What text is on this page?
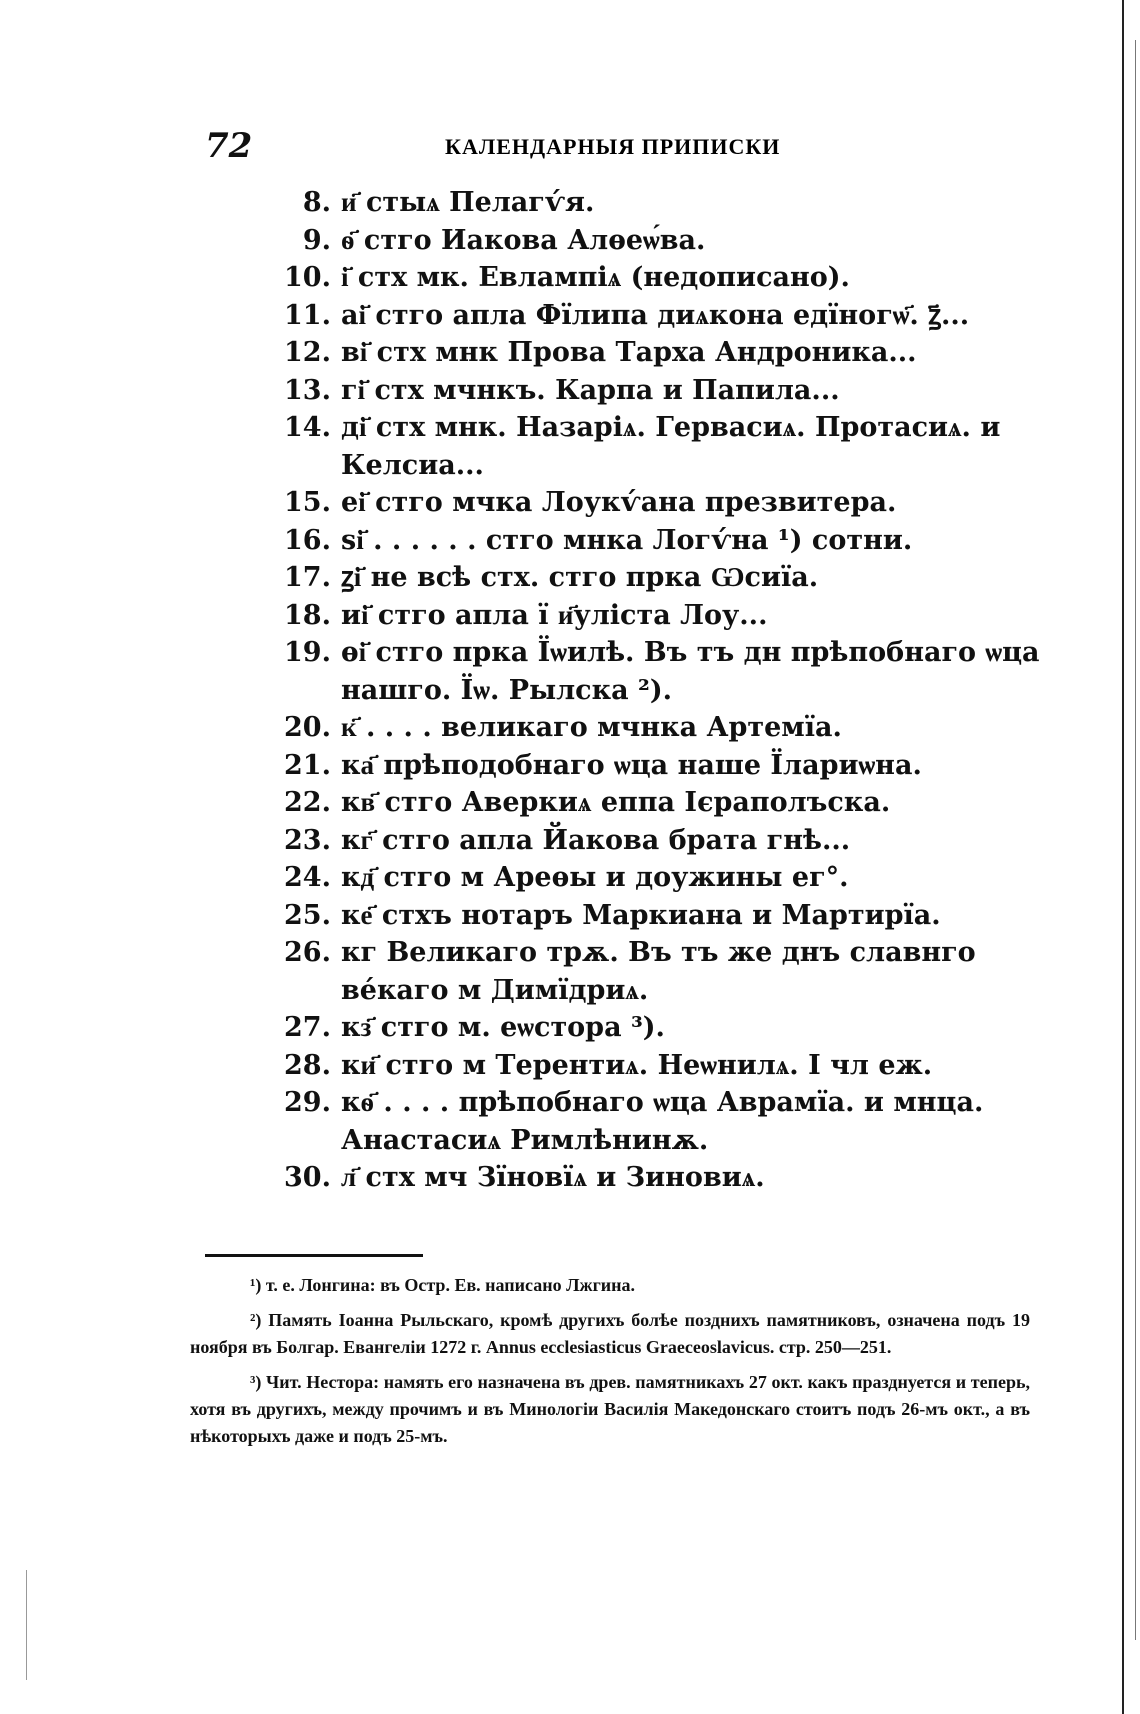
72	КАЛЕНДАРНЫЯ ПРИПИСКИ
8. и҃ стыѧ Пелагѵ́я.
9. ѳ҃ стго Иакова Алѳеѡ́ва.
10. і҃ стх мк. Евлампіѧ (недописано).
11. аі҃ стго апла Фїлипа диѧкона едїногѡ҃. ꙁ҃...
12. ві҃ стх мнк Прова Тарха Андроника...
13. гі҃ стх мчнкъ. Карпа и Папила...
14. ді҃ стх мнк. Назаріѧ. Гервасиѧ. Протасиѧ. и Келсиа...
15. еі҃ стго мчка Лоукѵ́ана презвитера.
16. ѕі҃ . . . . . . стго мнка Логѵ́на ¹) сотни.
17. ꙁі҃ не всѣ стх. стго прка Ѡсиїа.
18. иі҃ стго апла ї и҃уліста Лоу...
19. ѳі҃ стго прка Їѡилѣ. Въ тъ дн прѣпобнаго ѡца нашго. Їѡ. Рылска ²).
20. к҃ . . . . великаго мчнка Артемїа.
21. ка҃ прѣподобнаго ѡца наше Їлариѡна.
22. кв҃ стго Аверкиѧ еппа Ієраполъска.
23. кг҃ стго апла Йакова брата гнѣ...
24. кд҃ стго м Ареѳы и доужины ег°.
25. ке҃ стхъ нотаръ Маркиана и Мартирїа.
26. кг Великаго трѫ. Въ тъ же днъ славнго ве́каго м Димїдриѧ.
27. кз҃ стго м. еѡстора ³).
28. ки҃ стго м Терентиѧ. Неѡнилѧ. І чл еж.
29. кѳ҃ . . . . прѣпобнаго ѡца Аврамїа. и мнца. Анастасиѧ Римлѣнинѫ.
30. л҃ стх мч Зїновїѧ и Зиновиѧ.
¹) т. е. Лонгина: въ Остр. Ев. написано Лжгина.
²) Память Іоанна Рыльскаго, кромѣ другихъ болѣе позднихъ памятниковъ, означена подъ 19 ноября въ Болгар. Евангеліи 1272 г. Annus ecclesiasticus Graeceoslavicus. стр. 250—251.
³) Чит. Нестора: намять его назначена въ древ. памятникахъ 27 окт. какъ празднуется и теперь, хотя въ другихъ, между прочимъ и въ Минологіи Василія Македонскаго стоитъ подъ 26-мъ окт., а въ нѣкоторыхъ даже и подъ 25-мъ.
